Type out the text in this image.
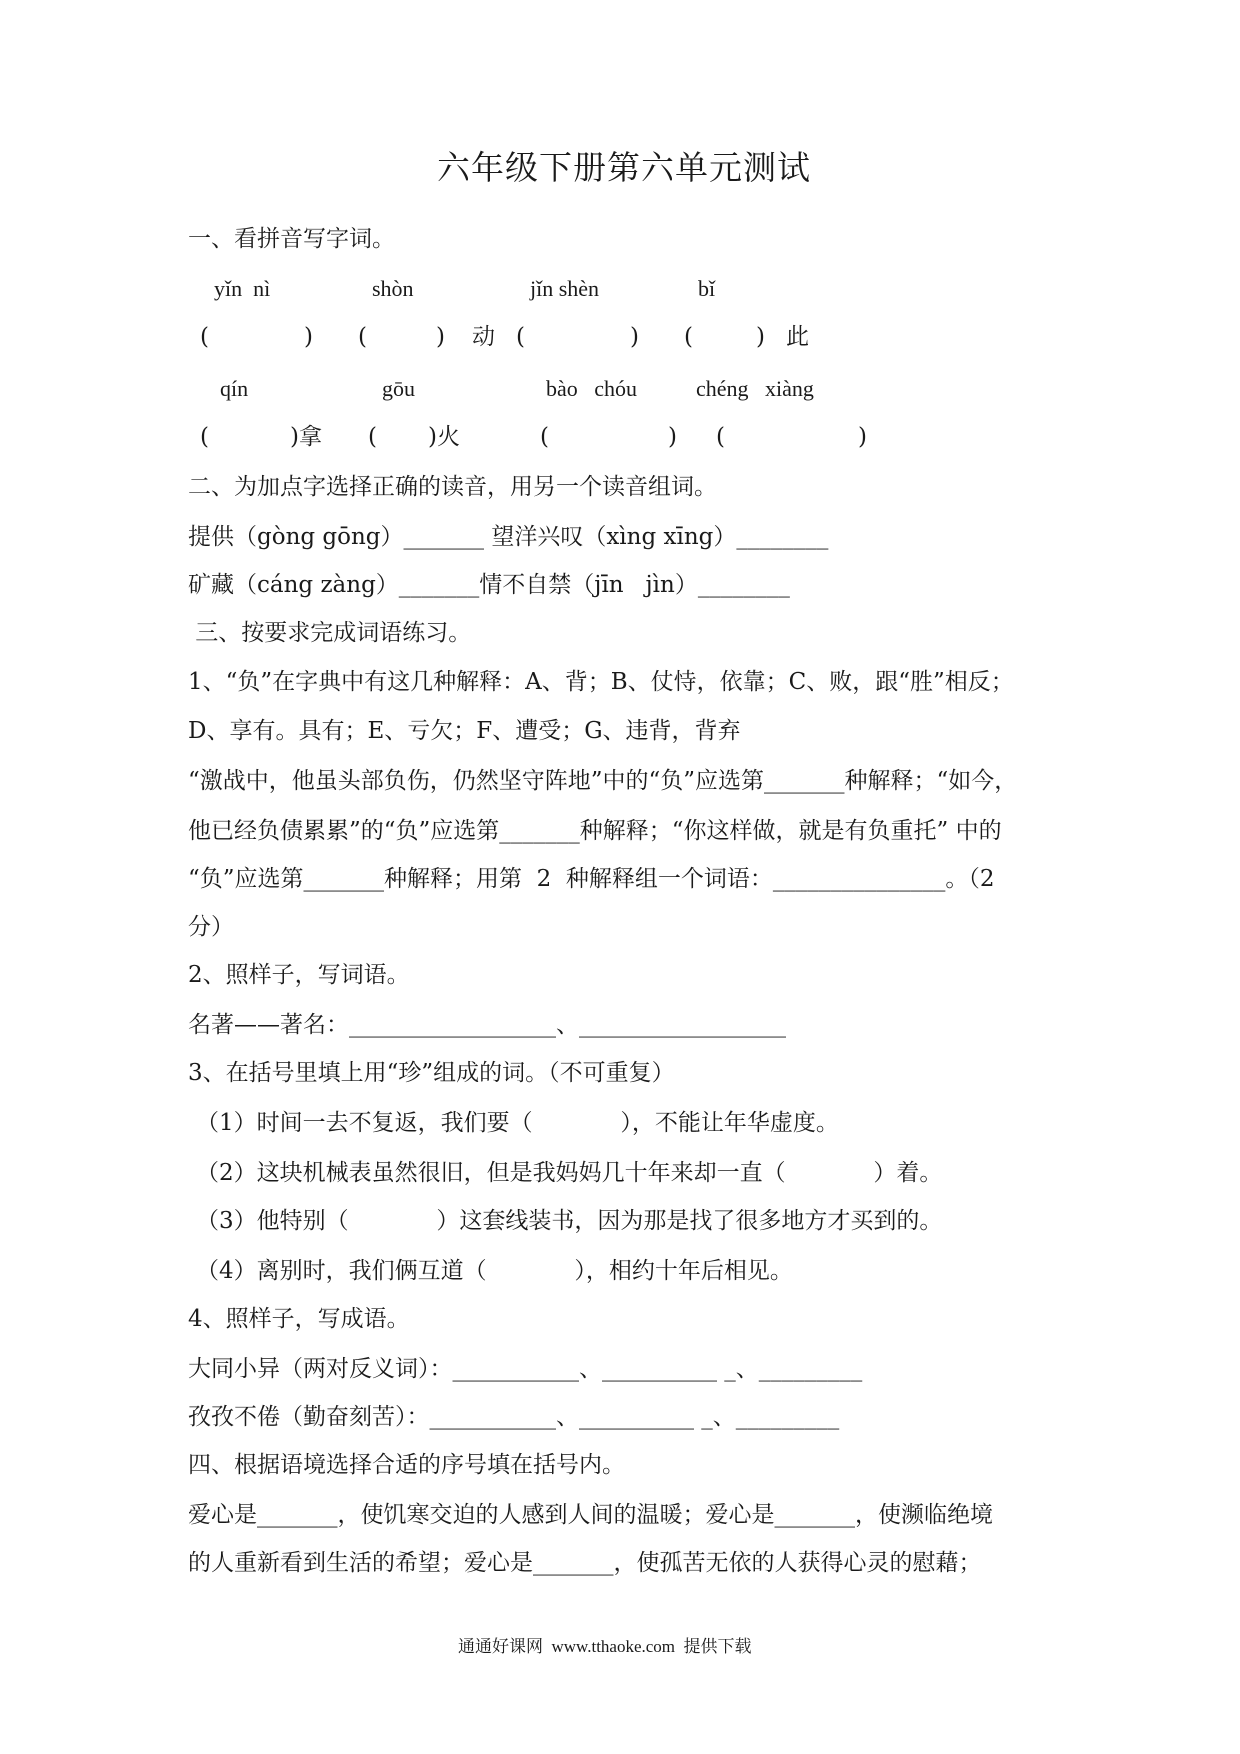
六年级下册第六单元测试
一、看拼音写字词。
yǐn  nì	shòn	jǐn shèn	bǐ
(	) (	) 动 (	) (	) 此
qín	gōu	bào   chóu	chéng   xiàng
(	)拿 ( )火	(	) (	)
二、为加点字选择正确的读音，用另一个读音组词。
提供（gòng gōng）_______ 望洋兴叹（xìng xīng）________
矿藏（cáng zàng）_______情不自禁（jīn   jìn）________
三、按要求完成词语练习。
1、“负”在字典中有这几种解释：A、背；B、仗恃，依靠；C、败，跟“胜”相反；
D、享有。具有；E、亏欠；F、遭受；G、违背，背弃
“激战中，他虽头部负伤，仍然坚守阵地”中的“负”应选第_______种解释；“如今，
他已经负债累累”的“负”应选第_______种解释；“你这样做，就是有负重托” 中的
“负”应选第_______种解释；用第  2  种解释组一个词语：_______________。（2
分）
2、照样子，写词语。
名著——著名：__________________、__________________
3、在括号里填上用“珍”组成的词。（不可重复）
（1）时间一去不复返，我们要（            ），不能让年华虚度。
（2）这块机械表虽然很旧，但是我妈妈几十年来却一直（            ）着。
（3）他特别（            ）这套线装书，因为那是找了很多地方才买到的。
（4）离别时，我们俩互道（            ），相约十年后相见。
4、照样子，写成语。
大同小异（两对反义词）：___________、__________ _、_________
孜孜不倦（勤奋刻苦）：___________、__________ _、_________
四、根据语境选择合适的序号填在括号内。
爱心是_______，使饥寒交迫的人感到人间的温暖；爱心是_______，使濒临绝境
的人重新看到生活的希望；爱心是_______，使孤苦无依的人获得心灵的慰藉；
通通好课网  www.tthaoke.com  提供下载
